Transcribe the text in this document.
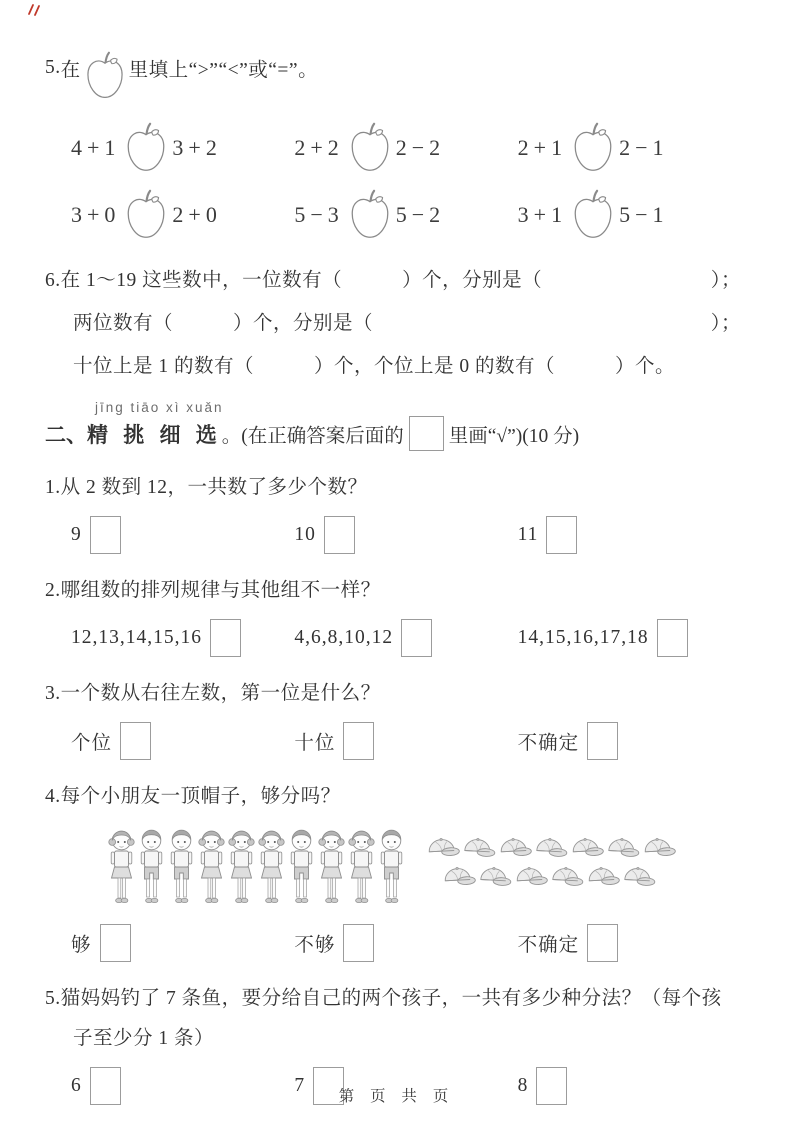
5. 在 里填上“>”“<”或“=”。
4+1 3+2	2+2 2−2	2+1 2−1
3+0 2+0	5−3 5−2	3+1 5−1
6. 在 1～19 这些数中，一位数有（　　　）个，分别是（	）；
两位数有（　　　）个，分别是（	）；
十位上是 1 的数有（　　　）个，个位上是 0 的数有（　　　）个。
jīng tiāo xì xuǎn
二、 精 挑 细 选 。(在正确答案后面的 里画“√”)(10 分)
1.从 2 数到 12，一共数了多少个数？
9	10	11
2.哪组数的排列规律与其他组不一样？
12,13,14,15,16	4,6,8,10,12	14,15,16,17,18
3.一个数从右往左数，第一位是什么？
个位	十位	不确定
4.每个小朋友一顶帽子，够分吗？
够	不够	不确定
5.猫妈妈钓了 7 条鱼，要分给自己的两个孩子，一共有多少种分法？（每个孩子至少分 1 条）
6	7	8
第 页 共 页
